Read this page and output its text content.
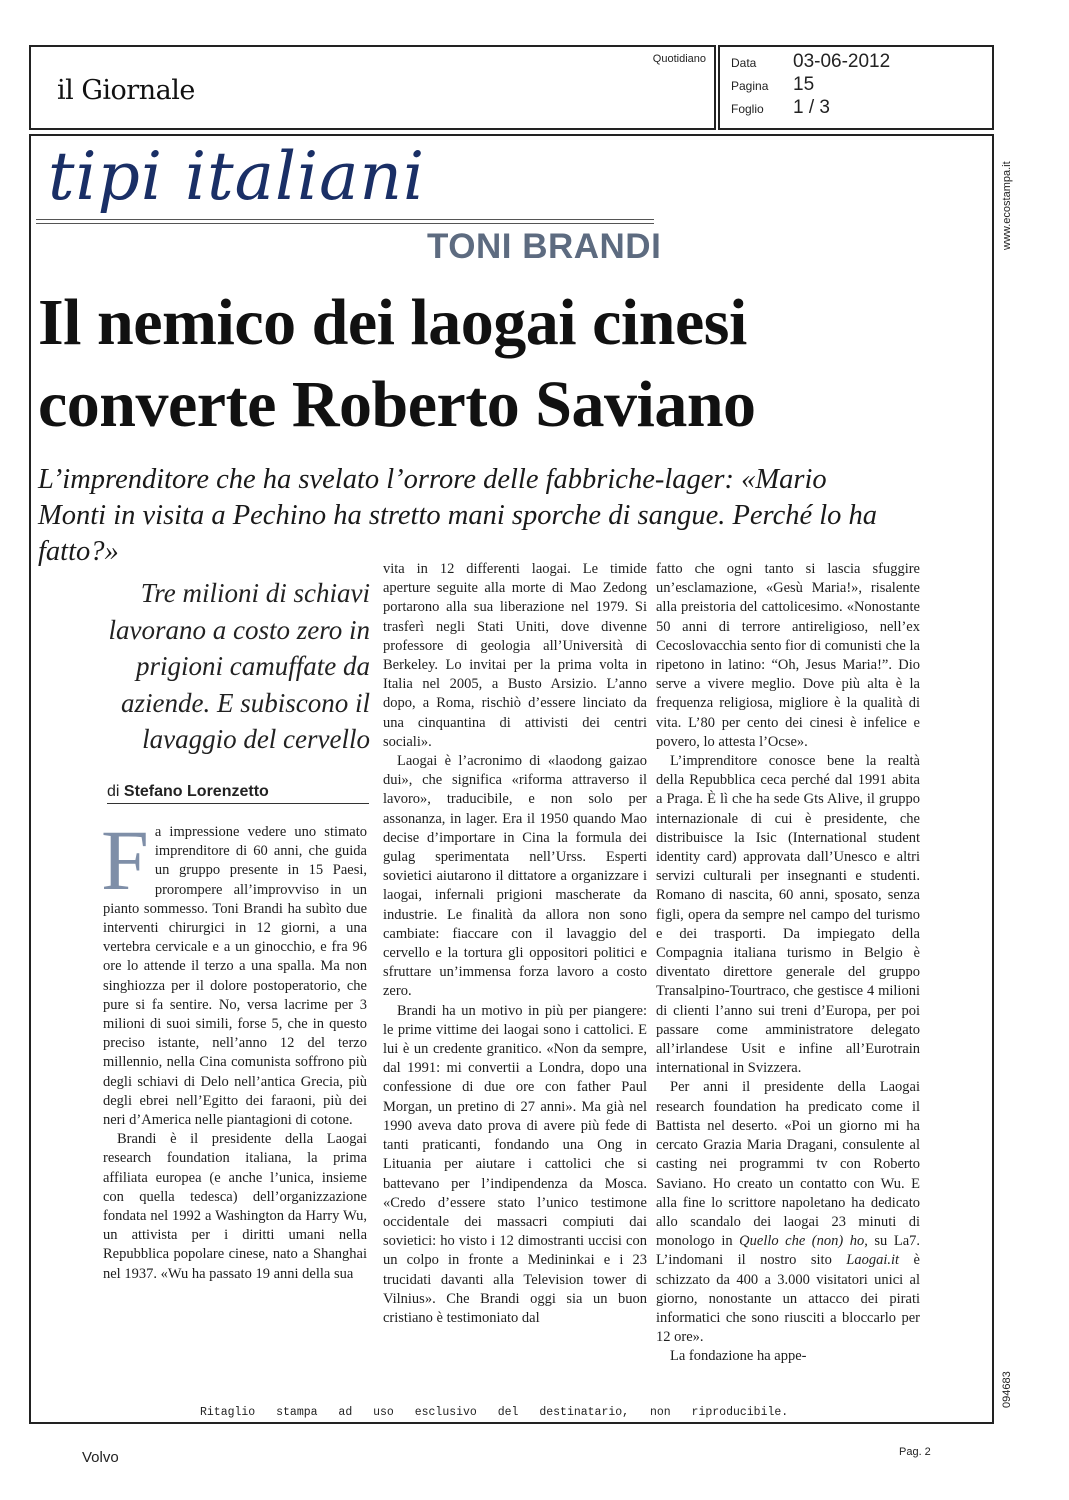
il Giornale
Quotidiano Data 03-06-2012
Pagina 15
Foglio 1 / 3
www.ecostampa.it
094683
tipi italiani
TONI BRANDI
Il nemico dei laogai cinesi
converte Roberto Saviano
L’imprenditore che ha svelato l’orrore delle fabbriche-lager: «Mario Monti in visita a Pechino ha stretto mani sporche di sangue. Perché lo ha fatto?»
Tre milioni di schiavi lavorano a costo zero in prigioni camuffate da aziende. E subiscono il lavaggio del cervello
di Stefano Lorenzetto

Fa impressione vedere uno stimato imprenditore di 60 anni, che guida un gruppo presente in 15 Paesi, prorompere all’improvviso in un pianto sommesso. Toni Brandi ha subìto due interventi chirurgici in 12 giorni, a una vertebra cervicale e a un ginocchio, e fra 96 ore lo attende il terzo a una spalla. Ma non singhiozza per il dolore postoperatorio, che pure si fa sentire. No, versa lacrime per 3 milioni di suoi simili, forse 5, che in questo preciso istante, nell’anno 12 del terzo millennio, nella Cina comunista soffrono più degli schiavi di Delo nell’antica Grecia, più degli ebrei nell’Egitto dei faraoni, più dei neri d’America nelle piantagioni di cotone.

Brandi è il presidente della Laogai research foundation italiana, la prima affiliata europea (e anche l’unica, insieme con quella tedesca) dell’organizzazione fondata nel 1992 a Washington da Harry Wu, un attivista per i diritti umani nella Repubblica popolare cinese, nato a Shanghai nel 1937. «Wu ha passato 19 anni della sua

vita in 12 differenti laogai. Le timide aperture seguite alla morte di Mao Zedong portarono alla sua liberazione nel 1979. Si trasferì negli Stati Uniti, dove divenne professore di geologia all’Università di Berkeley. Lo invitai per la prima volta in Italia nel 2005, a Busto Arsizio. L’anno dopo, a Roma, rischiò d’essere linciato da una cinquantina di attivisti dei centri sociali».

Laogai è l’acronimo di «laodong gaizao dui», che significa «riforma attraverso il lavoro», traducibile, e non solo per assonanza, in lager. Era il 1950 quando Mao decise d’importare in Cina la formula dei gulag sperimentata nell’Urss. Esperti sovietici aiutarono il dittatore a organizzare i laogai, infernali prigioni mascherate da industrie. Le finalità da allora non sono cambiate: fiaccare con il lavaggio del cervello e la tortura gli oppositori politici e sfruttare un’immensa forza lavoro a costo zero.

Brandi ha un motivo in più per piangere: le prime vittime dei laogai sono i cattolici. E lui è un credente granitico. «Non da sempre, dal 1991: mi convertii a Londra, dopo una confessione di due ore con father Paul Morgan, un pretino di 27 anni». Ma già nel 1990 aveva dato prova di avere più fede di tanti praticanti, fondando una Ong in Lituania per aiutare i cattolici che si battevano per l’indipendenza da Mosca. «Credo d’essere stato l’unico testimone occidentale dei massacri compiuti dai sovietici: ho visto i 12 dimostranti uccisi con un colpo in fronte a Medininkai e i 23 trucidati davanti alla Television tower di Vilnius». Che Brandi oggi sia un buon cristiano è testimoniato dal

fatto che ogni tanto si lascia sfuggire un’esclamazione, «Gesù Maria!», risalente alla preistoria del cattolicesimo. «Nonostante 50 anni di terrore antireligioso, nell’ex Cecoslovacchia sento fior di comunisti che la ripetono in latino: “Oh, Jesus Maria!”. Dio serve a vivere meglio. Dove più alta è la frequenza religiosa, migliore è la qualità di vita. L’80 per cento dei cinesi è infelice e povero, lo attesta l’Ocse».

L’imprenditore conosce bene la realtà della Repubblica ceca perché dal 1991 abita a Praga. È lì che ha sede Gts Alive, il gruppo internazionale di cui è presidente, che distribuisce la Isic (International student identity card) approvata dall’Unesco e altri servizi culturali per insegnanti e studenti. Romano di nascita, 60 anni, sposato, senza figli, opera da sempre nel campo del turismo e dei trasporti. Da impiegato della Compagnia italiana turismo in Belgio è diventato direttore generale del gruppo Transalpino-Tourtraco, che gestisce 4 milioni di clienti l’anno sui treni d’Europa, per poi passare come amministratore delegato all’irlandese Usit e infine all’Eurotrain international in Svizzera.

Per anni il presidente della Laogai research foundation ha predicato come il Battista nel deserto. «Poi un giorno mi ha cercato Grazia Maria Dragani, consulente al casting nei programmi tv con Roberto Saviano. Ho creato un contatto con Wu. E alla fine lo scrittore napoletano ha dedicato allo scandalo dei laogai 23 minuti di monologo in Quello che (non) ho, su La7. L’indomani il nostro sito Laogai.it è schizzato da 400 a 3.000 visitatori unici al giorno, nonostante un attacco dei pirati informatici che sono riusciti a bloccarlo per 12 ore».

La fondazione ha appe-

Ritaglio stampa ad uso esclusivo del destinatario, non riproducibile.
Volvo	Pag. 2
